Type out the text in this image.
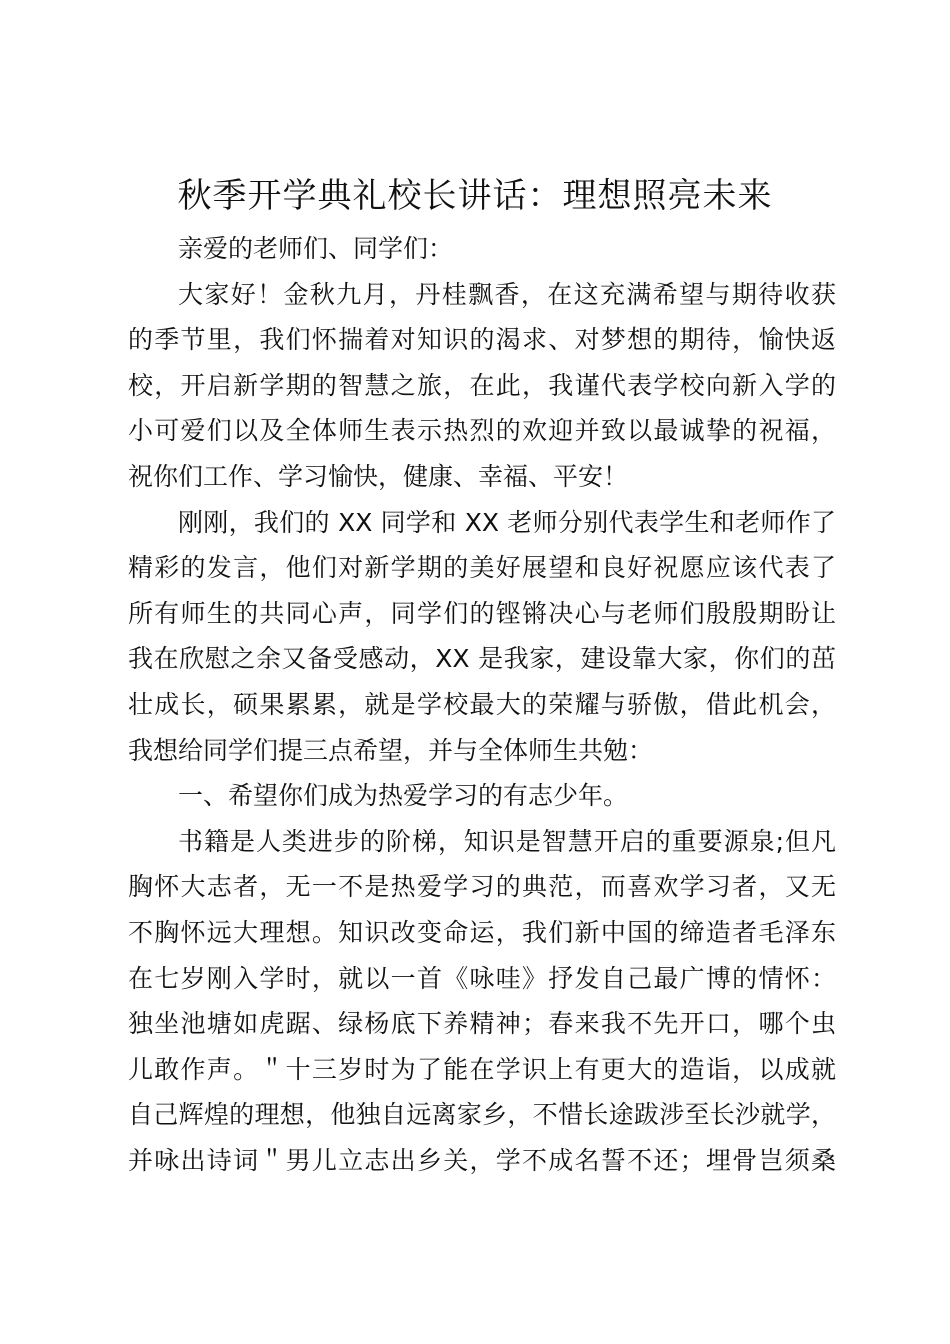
秋季开学典礼校长讲话：理想照亮未来
亲爱的老师们、同学们：
大家好！金秋九月，丹桂飘香，在这充满希望与期待收获
的季节里，我们怀揣着对知识的渴求、对梦想的期待，愉快返
校，开启新学期的智慧之旅，在此，我谨代表学校向新入学的
小可爱们以及全体师生表示热烈的欢迎并致以最诚挚的祝福，
祝你们工作、学习愉快，健康、幸福、平安！
刚刚，我们的 XX 同学和 XX 老师分别代表学生和老师作了
精彩的发言，他们对新学期的美好展望和良好祝愿应该代表了
所有师生的共同心声，同学们的铿锵决心与老师们殷殷期盼让
我在欣慰之余又备受感动，XX 是我家，建设靠大家，你们的茁
壮成长，硕果累累，就是学校最大的荣耀与骄傲，借此机会，
我想给同学们提三点希望，并与全体师生共勉：
一、希望你们成为热爱学习的有志少年。
书籍是人类进步的阶梯，知识是智慧开启的重要源泉;但凡
胸怀大志者，无一不是热爱学习的典范，而喜欢学习者，又无
不胸怀远大理想。知识改变命运，我们新中国的缔造者毛泽东
在七岁刚入学时，就以一首《咏哇》抒发自己最广博的情怀：
独坐池塘如虎踞、绿杨底下养精神；春来我不先开口，哪个虫
儿敢作声。＂十三岁时为了能在学识上有更大的造诣，以成就
自己辉煌的理想，他独自远离家乡，不惜长途跋涉至长沙就学，
并咏出诗词＂男儿立志出乡关，学不成名誓不还；埋骨岂须桑
